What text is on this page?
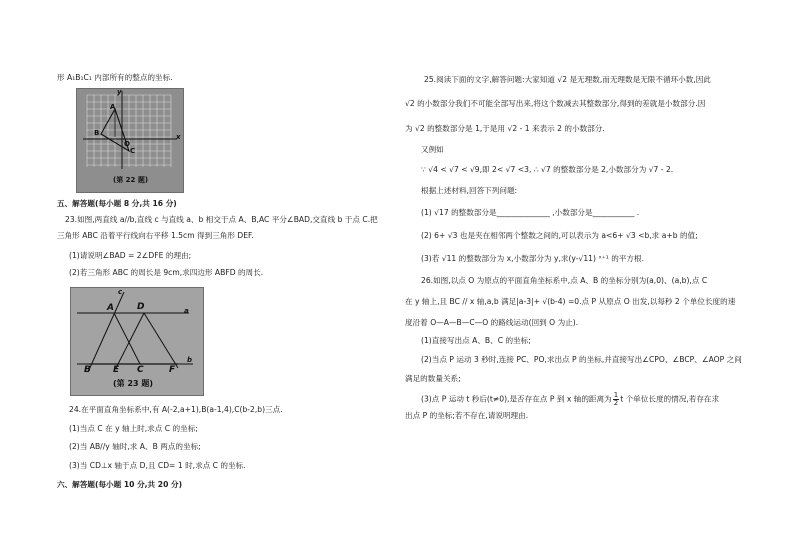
形 A₁B₁C₁ 内部所有的整点的坐标.
y
x
A
B
C
O
(第 22 题)
五、解答题(每小题 8 分,共 16 分)
23.如图,两直线 a//b,直线 c 与直线 a、b 相交于点 A、B,AC 平分∠BAD,交直线 b 于点 C.把
三角形 ABC 沿着平行线向右平移 1.5cm 得到三角形 DEF.
(1)请说明∠BAD = 2∠DFE 的理由;
(2)若三角形 ABC 的周长是 9cm,求四边形 ABFD 的周长.
c
A	D	a
B E C	F
b
(第 23 题)
24.在平面直角坐标系中,有 A(-2,a+1),B(a-1,4),C(b-2,b)三点.
(1)当点 C 在 y 轴上时,求点 C 的坐标;
(2)当 AB//y 轴时,求 A、B 两点的坐标;
(3)当 CD⊥x 轴于点 D,且 CD= 1 时,求点 C 的坐标.
六、解答题(每小题 10 分,共 20 分)
25.阅读下面的文字,解答问题:大家知道 √2 是无理数,而无理数是无限不循环小数,因此
√2 的小数部分我们不可能全部写出来,将这个数减去其整数部分,得到的差就是小数部分.因
为 √2 的整数部分是 1,于是用 √2 - 1 来表示 2 的小数部分.
又例如
∵ √4 < √7 < √9,即 2< √7 <3, ∴ √7 的整数部分是 2,小数部分为 √7 - 2.
根据上述材料,回答下列问题:
(1) √17 的整数部分是______________ ,小数部分是___________ .
(2) 6+ √3 也是夹在相邻两个整数之间的,可以表示为 a<6+ √3 <b,求 a+b 的值;
(3)若 √11 的整数部分为 x,小数部分为 y,求(y-√11) ˣ⁺¹ 的平方根.
26.如图,以点 O 为原点的平面直角坐标系中,点 A、B 的坐标分别为(a,0)、(a,b),点 C
在 y 轴上,且 BC // x 轴,a,b 满足|a-3|+ √(b-4) =0.点 P 从原点 O 出发,以每秒 2 个单位长度的速
度沿着 O—A—B—C—O 的路线运动(回到 O 为止).
(1)直接写出点 A、B、C 的坐标;
(2)当点 P 运动 3 秒时,连接 PC、PO,求出点 P 的坐标,并直接写出∠CPO、∠BCP、∠AOP 之间
满足的数量关系;
(3)点 P 运动 t 秒后(t≠0),是否存在点 P 到 x 轴的距离为 $\frac{1}{2}$ t 个单位长度的情况,若存在求
出点 P 的坐标;若不存在,请说明理由.
